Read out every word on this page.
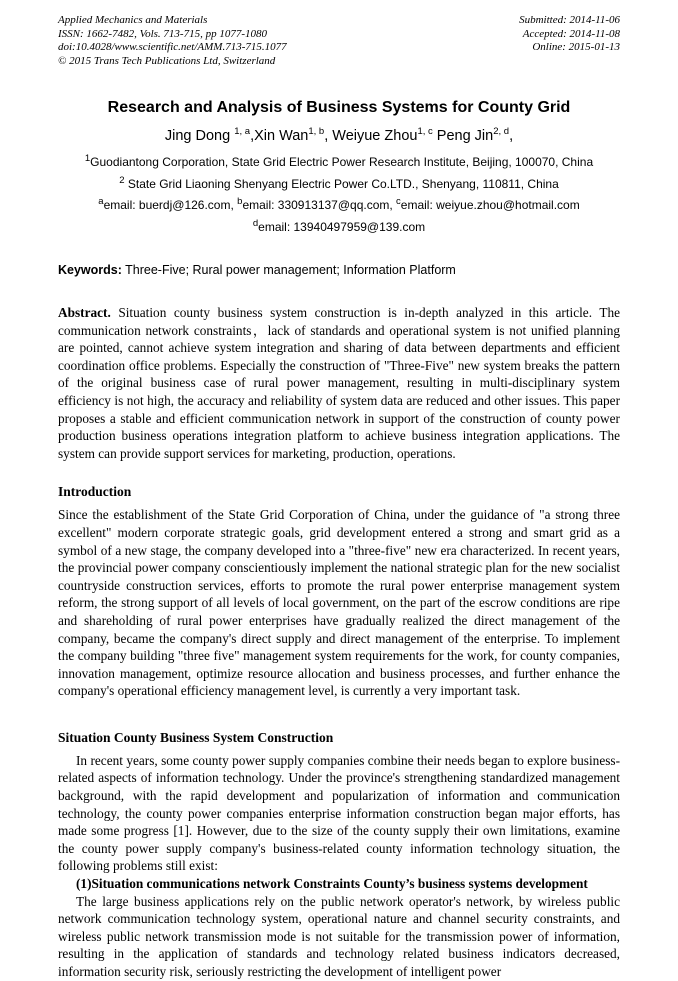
Applied Mechanics and Materials
ISSN: 1662-7482, Vols. 713-715, pp 1077-1080
doi:10.4028/www.scientific.net/AMM.713-715.1077
© 2015 Trans Tech Publications Ltd, Switzerland
Submitted: 2014-11-06
Accepted: 2014-11-08
Online: 2015-01-13
Research and Analysis of Business Systems for County Grid
Jing Dong $^{1, a}$,Xin Wan$^{1, b}$, Weiyue Zhou$^{1, c}$ Peng Jin$^{2, d}$,
$^1$Guodiantong Corporation, State Grid Electric Power Research Institute, Beijing, 100070, China
$^2$ State Grid Liaoning Shenyang Electric Power Co.LTD., Shenyang, 110811, China
$^a$email: buerdj@126.com, $^b$email: 330913137@qq.com, $^c$email: weiyue.zhou@hotmail.com
$^d$email: 13940497959@139.com
Keywords: Three-Five; Rural power management; Information Platform

Abstract. Situation county business system construction is in-depth analyzed in this article. The communication network constraints，lack of standards and operational system is not unified planning are pointed, cannot achieve system integration and sharing of data between departments and efficient coordination office problems. Especially the construction of "Three-Five" new system breaks the pattern of the original business case of rural power management, resulting in multi-disciplinary system efficiency is not high, the accuracy and reliability of system data are reduced and other issues. This paper proposes a stable and efficient communication network in support of the construction of county power production business operations integration platform to achieve business integration applications. The system can provide support services for marketing, production, operations.

Introduction

Since the establishment of the State Grid Corporation of China, under the guidance of "a strong three excellent" modern corporate strategic goals, grid development entered a strong and smart grid as a symbol of a new stage, the company developed into a "three-five" new era characterized. In recent years, the provincial power company conscientiously implement the national strategic plan for the new socialist countryside construction services, efforts to promote the rural power enterprise management system reform, the strong support of all levels of local government, on the part of the escrow conditions are ripe and shareholding of rural power enterprises have gradually realized the direct management of the company, became the company's direct supply and direct management of the enterprise. To implement the company building "three five" management system requirements for the work, for county companies, innovation management, optimize resource allocation and business processes, and further enhance the company's operational efficiency management level, is currently a very important task.

Situation County Business System Construction

In recent years, some county power supply companies combine their needs began to explore business-related aspects of information technology. Under the province's strengthening standardized management background, with the rapid development and popularization of information and communication technology, the county power companies enterprise information construction began major efforts, has made some progress [1]. However, due to the size of the county supply their own limitations, examine the county power supply company's business-related county information technology situation, the following problems still exist:

(1)Situation communications network Constraints County’s business systems development

The large business applications rely on the public network operator's network, by wireless public network communication technology system, operational nature and channel security constraints, and wireless public network transmission mode is not suitable for the transmission power of information, resulting in the application of standards and technology related business indicators decreased, information security risk, seriously restricting the development of intelligent power
